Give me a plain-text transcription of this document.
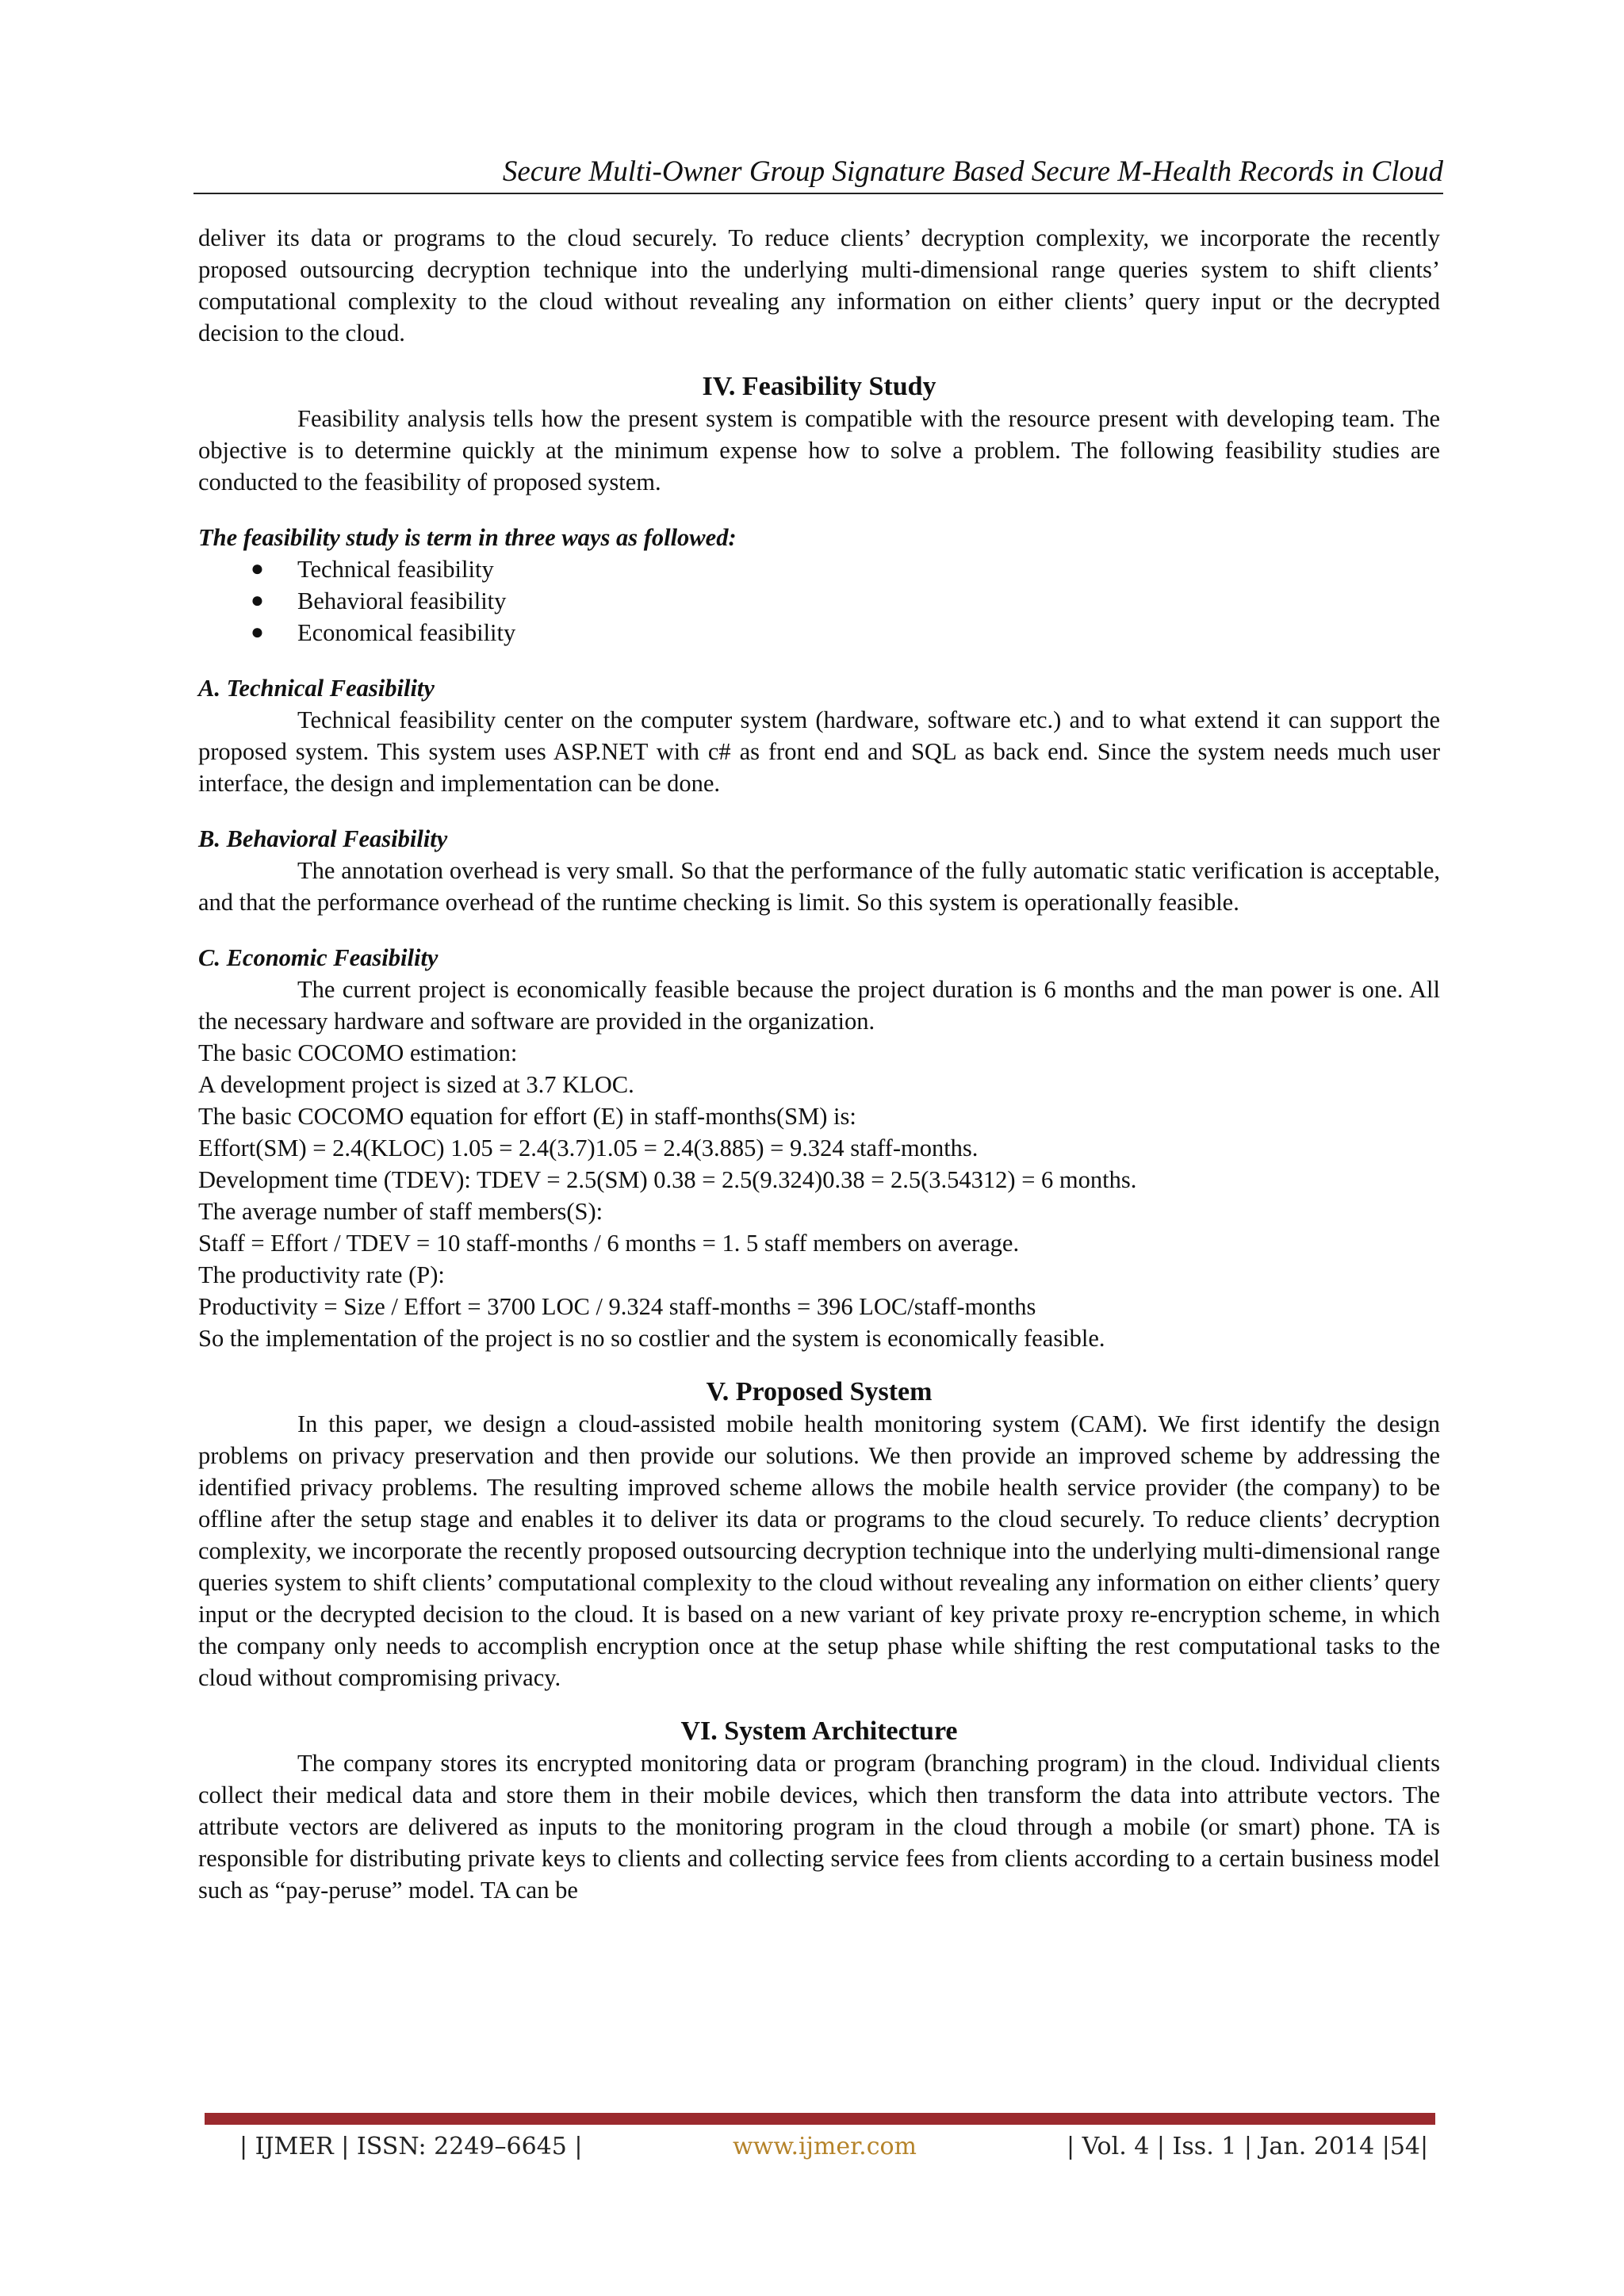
Secure Multi-Owner Group Signature Based Secure M-Health Records in Cloud

deliver its data or programs to the cloud securely. To reduce clients’ decryption complexity, we incorporate the recently proposed outsourcing decryption technique into the underlying multi-dimensional range queries system to shift clients’ computational complexity to the cloud without revealing any information on either clients’ query input or the decrypted decision to the cloud.

IV. Feasibility Study

Feasibility analysis tells how the present system is compatible with the resource present with developing team. The objective is to determine quickly at the minimum expense how to solve a problem. The following feasibility studies are conducted to the feasibility of proposed system.

The feasibility study is term in three ways as followed:

● Technical feasibility
● Behavioral feasibility
● Economical feasibility

A. Technical Feasibility

Technical feasibility center on the computer system (hardware, software etc.) and to what extend it can support the proposed system. This system uses ASP.NET with c# as front end and SQL as back end. Since the system needs much user interface, the design and implementation can be done.

B. Behavioral Feasibility

The annotation overhead is very small. So that the performance of the fully automatic static verification is acceptable, and that the performance overhead of the runtime checking is limit. So this system is operationally feasible.

C. Economic Feasibility

The current project is economically feasible because the project duration is 6 months and the man power is one. All the necessary hardware and software are provided in the organization.

The basic COCOMO estimation:

A development project is sized at 3.7 KLOC.

The basic COCOMO equation for effort (E) in staff-months(SM) is:

Effort(SM) = 2.4(KLOC) 1.05 = 2.4(3.7)1.05 = 2.4(3.885) = 9.324 staff-months.

Development time (TDEV): TDEV = 2.5(SM) 0.38 = 2.5(9.324)0.38 = 2.5(3.54312) = 6 months.

The average number of staff members(S):

Staff = Effort / TDEV = 10 staff-months / 6 months = 1. 5 staff members on average.

The productivity rate (P):

Productivity = Size / Effort = 3700 LOC / 9.324 staff-months = 396 LOC/staff-months

So the implementation of the project is no so costlier and the system is economically feasible.

V. Proposed System

In this paper, we design a cloud-assisted mobile health monitoring system (CAM). We first identify the design problems on privacy preservation and then provide our solutions. We then provide an improved scheme by addressing the identified privacy problems. The resulting improved scheme allows the mobile health service provider (the company) to be offline after the setup stage and enables it to deliver its data or programs to the cloud securely. To reduce clients’ decryption complexity, we incorporate the recently proposed outsourcing decryption technique into the underlying multi-dimensional range queries system to shift clients’ computational complexity to the cloud without revealing any information on either clients’ query input or the decrypted decision to the cloud. It is based on a new variant of key private proxy re-encryption scheme, in which the company only needs to accomplish encryption once at the setup phase while shifting the rest computational tasks to the cloud without compromising privacy.

VI. System Architecture

The company stores its encrypted monitoring data or program (branching program) in the cloud. Individual clients collect their medical data and store them in their mobile devices, which then transform the data into attribute vectors. The attribute vectors are delivered as inputs to the monitoring program in the cloud through a mobile (or smart) phone. TA is responsible for distributing private keys to clients and collecting service fees from clients according to a certain business model such as “pay-peruse” model. TA can be

| IJMER | ISSN: 2249–6645 |	www.ijmer.com	| Vol. 4 | Iss. 1 | Jan. 2014 |54|
